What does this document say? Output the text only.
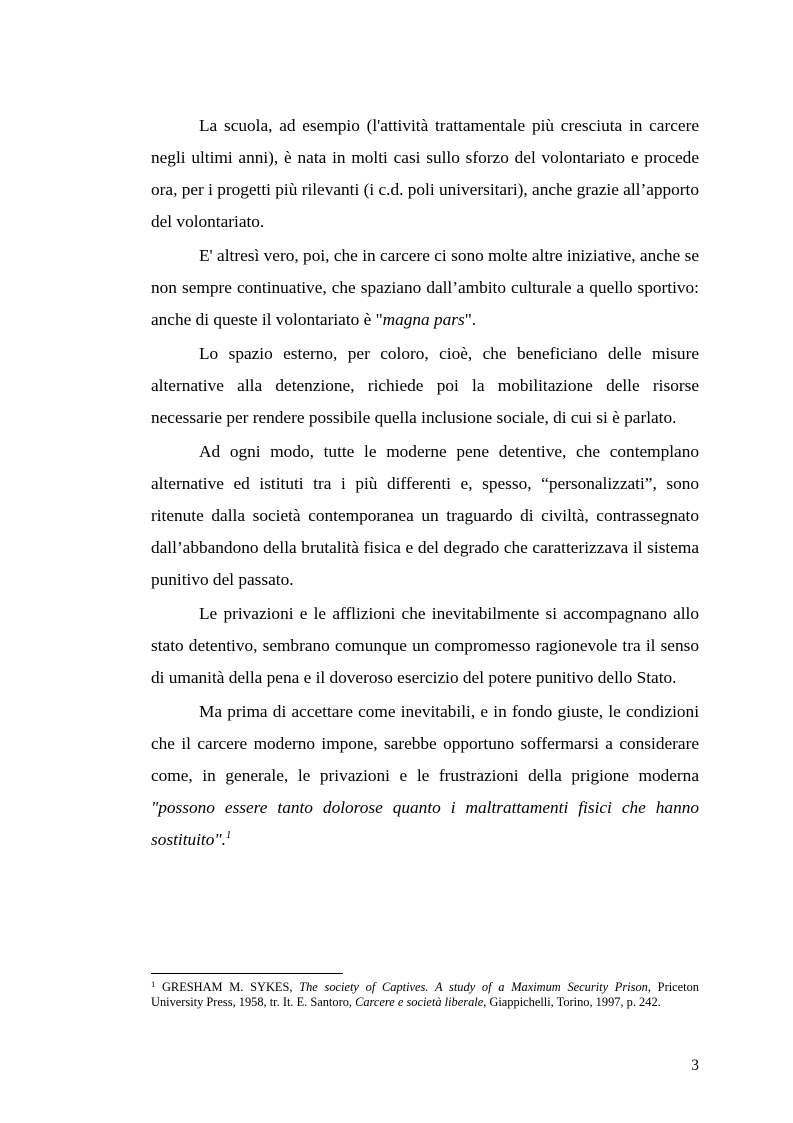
La scuola, ad esempio (l'attività trattamentale più cresciuta in carcere negli ultimi anni), è nata in molti casi sullo sforzo del volontariato e procede ora, per i progetti più rilevanti (i c.d. poli universitari), anche grazie all’apporto del volontariato.

E' altresì vero, poi, che in carcere ci sono molte altre iniziative, anche se non sempre continuative, che spaziano dall’ambito culturale a quello sportivo: anche di queste il volontariato è "magna pars".

Lo spazio esterno, per coloro, cioè, che beneficiano delle misure alternative alla detenzione, richiede poi la mobilitazione delle risorse necessarie per rendere possibile quella inclusione sociale, di cui si è parlato.

Ad ogni modo, tutte le moderne pene detentive, che contemplano alternative ed istituti tra i più differenti e, spesso, “personalizzati”, sono ritenute dalla società contemporanea un traguardo di civiltà, contrassegnato dall’abbandono della brutalità fisica e del degrado che caratterizzava il sistema punitivo del passato.

Le privazioni e le afflizioni che inevitabilmente si accompagnano allo stato detentivo, sembrano comunque un compromesso ragionevole tra il senso di umanità della pena e il doveroso esercizio del potere punitivo dello Stato.

Ma prima di accettare come inevitabili, e in fondo giuste, le condizioni che il carcere moderno impone, sarebbe opportuno soffermarsi a considerare come, in generale, le privazioni e le frustrazioni della prigione moderna "possono essere tanto dolorose quanto i maltrattamenti fisici che hanno sostituito".$^1$

$^1$ GRESHAM M. SYKES, The society of Captives. A study of a Maximum Security Prison, Priceton University Press, 1958, tr. It. E. Santoro, Carcere e società liberale, Giappichelli, Torino, 1997, p. 242.

3
